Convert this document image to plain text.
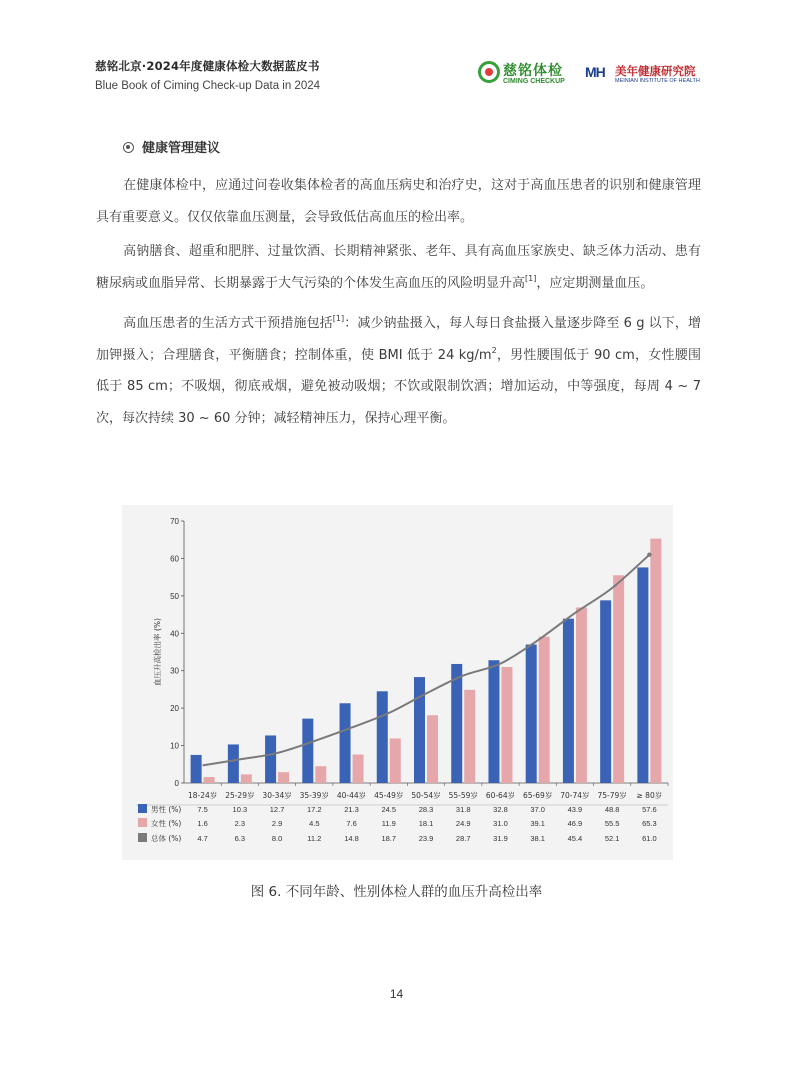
慈铭北京·2024年度健康体检大数据蓝皮书
Blue Book of Ciming Check-up Data in 2024
慈铭体检
CIMING CHECKUP
MH 美年健康研究院
MEINIAN INSTITUTE OF HEALTH
健康管理建议

在健康体检中，应通过问卷收集体检者的高血压病史和治疗史，这对于高血压患者的识别和健康管理具有重要意义。仅仅依靠血压测量，会导致低估高血压的检出率。

高钠膳食、超重和肥胖、过量饮酒、长期精神紧张、老年、具有高血压家族史、缺乏体力活动、患有糖尿病或血脂异常、长期暴露于大气污染的个体发生高血压的风险明显升高[1]，应定期测量血压。

高血压患者的生活方式干预措施包括[1]：减少钠盐摄入，每人每日食盐摄入量逐步降至 6 g 以下，增加钾摄入；合理膳食，平衡膳食；控制体重，使 BMI 低于 24 $kg/m^2$，男性腰围低于 90 cm，女性腰围低于 85 cm；不吸烟，彻底戒烟，避免被动吸烟；不饮或限制饮酒；增加运动，中等强度，每周 4 ~ 7 次，每次持续 30 ~ 60 分钟；减轻精神压力，保持心理平衡。

0
10
20
30
40
50
60
70
血压升高检出率 (%)
18-24岁 25-29岁 30-34岁 35-39岁 40-44岁 45-49岁 50-54岁 55-59岁 60-64岁 65-69岁 70-74岁 75-79岁 ≥ 80岁
男性 (%) 7.5	10.3	12.7	17.2	21.3	24.5	28.3	31.8	32.8	37.0	43.9	48.8	57.6
女性 (%) 1.6	2.3	2.9	4.5	7.6	11.9	18.1	24.9	31.0	39.1	46.9	55.5	65.3
总体 (%) 4.7	6.3	8.0	11.2	14.8	18.7	23.9	28.7	31.9	38.1	45.4	52.1	61.0
图 6. 不同年龄、性别体检人群的血压升高检出率
14
